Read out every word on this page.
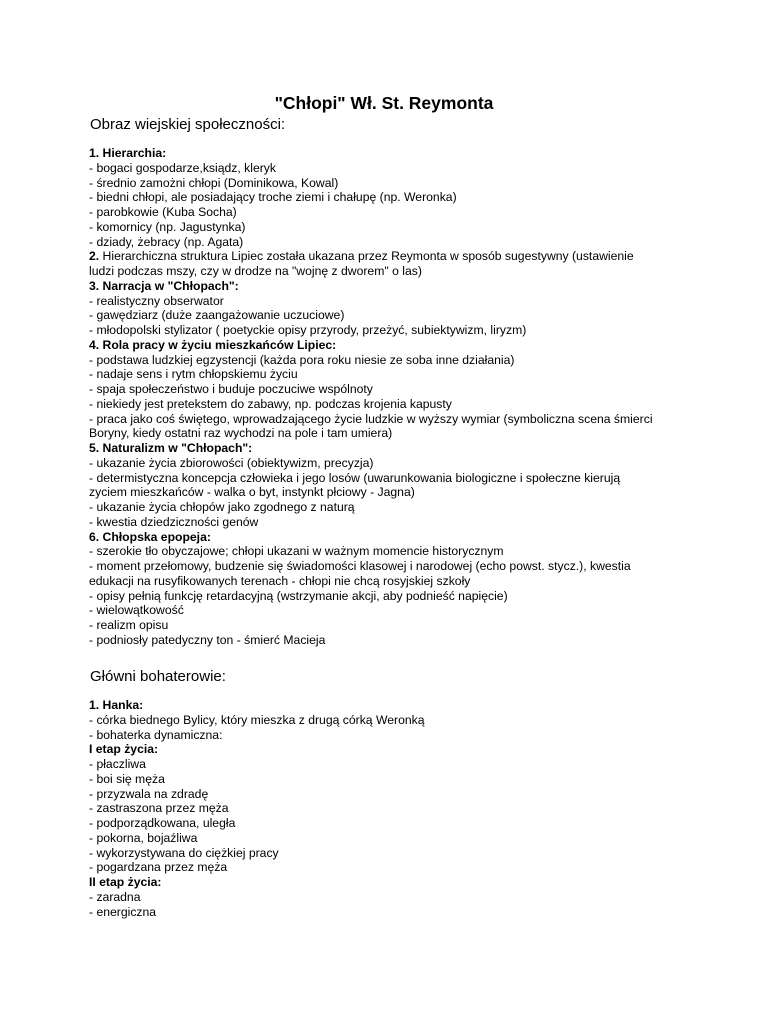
"Chłopi" Wł. St. Reymonta
Obraz wiejskiej społeczności:
1. Hierarchia:
- bogaci gospodarze,ksiądz, kleryk
- średnio zamożni chłopi (Dominikowa, Kowal)
- biedni chłopi, ale posiadający troche ziemi i chałupę (np. Weronka)
- parobkowie (Kuba Socha)
- komornicy (np. Jagustynka)
- dziady, żebracy (np. Agata)
2. Hierarchiczna struktura Lipiec została ukazana przez Reymonta w sposób sugestywny (ustawienie
ludzi podczas mszy, czy w drodze na "wojnę z dworem" o las)
3. Narracja w "Chłopach":
- realistyczny obserwator
- gawędziarz (duże zaangażowanie uczuciowe)
- młodopolski stylizator ( poetyckie opisy przyrody, przeżyć, subiektywizm, liryzm)
4. Rola pracy w życiu mieszkańców Lipiec:
- podstawa ludzkiej egzystencji (każda pora roku niesie ze soba inne działania)
- nadaje sens i rytm chłopskiemu życiu
- spaja społeczeństwo i buduje poczuciwe wspólnoty
- niekiedy jest pretekstem do zabawy, np. podczas krojenia kapusty
- praca jako coś świętego, wprowadzającego życie ludzkie w wyższy wymiar (symboliczna scena śmierci
Boryny, kiedy ostatni raz wychodzi na pole i tam umiera)
5. Naturalizm w "Chłopach":
- ukazanie życia zbiorowości (obiektywizm, precyzja)
- determistyczna koncepcja człowieka i jego losów (uwarunkowania biologiczne i społeczne kierują
zyciem mieszkańców - walka o byt, instynkt płciowy - Jagna)
- ukazanie życia chłopów jako zgodnego z naturą
- kwestia dziedziczności genów
6. Chłopska epopeja:
- szerokie tło obyczajowe; chłopi ukazani w ważnym momencie historycznym
- moment przełomowy, budzenie się świadomości klasowej i narodowej (echo powst. stycz.), kwestia
edukacji na rusyfikowanych terenach - chłopi nie chcą rosyjskiej szkoły
- opisy pełnią funkcję retardacyjną (wstrzymanie akcji, aby podnieść napięcie)
- wielowątkowość
- realizm opisu
- podniosły patedyczny ton - śmierć Macieja
Główni bohaterowie:
1. Hanka:
- córka biednego Bylicy, który mieszka z drugą córką Weronką
- bohaterka dynamiczna:
I etap życia:
- płaczliwa
- boi się męża
- przyzwala na zdradę
- zastraszona przez męża
- podporządkowana, uległa
- pokorna, bojaźliwa
- wykorzystywana do ciężkiej pracy
- pogardzana przez męża
II etap życia:
- zaradna
- energiczna
